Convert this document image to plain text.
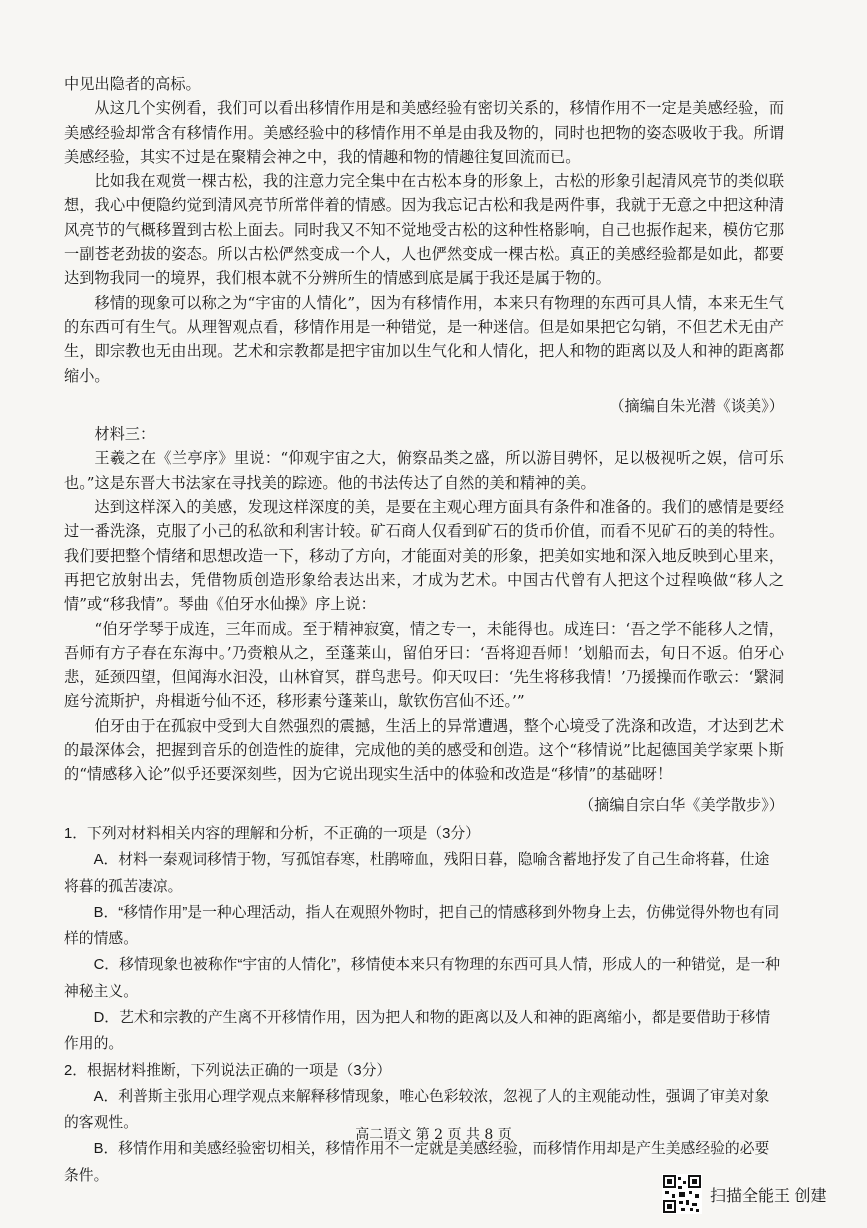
中见出隐者的高标。

从这几个实例看，我们可以看出移情作用是和美感经验有密切关系的，移情作用不一定是美感经验，而美感经验却常含有移情作用。美感经验中的移情作用不单是由我及物的，同时也把物的姿态吸收于我。所谓美感经验，其实不过是在聚精会神之中，我的情趣和物的情趣往复回流而已。

比如我在观赏一棵古松，我的注意力完全集中在古松本身的形象上，古松的形象引起清风亮节的类似联想，我心中便隐约觉到清风亮节所常伴着的情感。因为我忘记古松和我是两件事，我就于无意之中把这种清风亮节的气概移置到古松上面去。同时我又不知不觉地受古松的这种性格影响，自己也振作起来，模仿它那一副苍老劲拔的姿态。所以古松俨然变成一个人，人也俨然变成一棵古松。真正的美感经验都是如此，都要达到物我同一的境界，我们根本就不分辨所生的情感到底是属于我还是属于物的。

移情的现象可以称之为“宇宙的人情化”，因为有移情作用，本来只有物理的东西可具人情，本来无生气的东西可有生气。从理智观点看，移情作用是一种错觉，是一种迷信。但是如果把它勾销，不但艺术无由产生，即宗教也无由出现。艺术和宗教都是把宇宙加以生气化和人情化，把人和物的距离以及人和神的距离都缩小。

（摘编自朱光潜《谈美》）

材料三：

王羲之在《兰亭序》里说：“仰观宇宙之大，俯察品类之盛，所以游目骋怀，足以极视听之娱，信可乐也。”这是东晋大书法家在寻找美的踪迹。他的书法传达了自然的美和精神的美。

达到这样深入的美感，发现这样深度的美，是要在主观心理方面具有条件和准备的。我们的感情是要经过一番洗涤，克服了小己的私欲和利害计较。矿石商人仅看到矿石的货币价值，而看不见矿石的美的特性。我们要把整个情绪和思想改造一下，移动了方向，才能面对美的形象，把美如实地和深入地反映到心里来，再把它放射出去，凭借物质创造形象给表达出来，才成为艺术。中国古代曾有人把这个过程唤做“移人之情”或“移我情”。琴曲《伯牙水仙操》序上说：

“伯牙学琴于成连，三年而成。至于精神寂寞，情之专一，未能得也。成连曰：‘吾之学不能移人之情，吾师有方子春在东海中。’乃赍粮从之，至蓬莱山，留伯牙曰：‘吾将迎吾师！’划船而去，旬日不返。伯牙心悲，延颈四望，但闻海水汩没，山林窅冥，群鸟悲号。仰天叹曰：‘先生将移我情！’乃援操而作歌云：‘繄洞庭兮流斯护，舟楫逝兮仙不还，移形素兮蓬莱山，歍钦伤宫仙不还。’”

伯牙由于在孤寂中受到大自然强烈的震撼，生活上的异常遭遇，整个心境受了洗涤和改造，才达到艺术的最深体会，把握到音乐的创造性的旋律，完成他的美的感受和创造。这个“移情说”比起德国美学家栗卜斯的“情感移入论”似乎还要深刻些，因为它说出现实生活中的体验和改造是“移情”的基础呀！

（摘编自宗白华《美学散步》）

1．下列对材料相关内容的理解和分析，不正确的一项是（3分）

A．材料一秦观词移情于物，写孤馆春寒，杜鹃啼血，残阳日暮，隐喻含蓄地抒发了自己生命将暮，仕途将暮的孤苦凄凉。

B．“移情作用”是一种心理活动，指人在观照外物时，把自己的情感移到外物身上去，仿佛觉得外物也有同样的情感。

C．移情现象也被称作“宇宙的人情化”，移情使本来只有物理的东西可具人情，形成人的一种错觉，是一种神秘主义。

D．艺术和宗教的产生离不开移情作用，因为把人和物的距离以及人和神的距离缩小，都是要借助于移情作用的。

2．根据材料推断，下列说法正确的一项是（3分）

A．利普斯主张用心理学观点来解释移情现象，唯心色彩较浓，忽视了人的主观能动性，强调了审美对象的客观性。

B．移情作用和美感经验密切相关，移情作用不一定就是美感经验，而移情作用却是产生美感经验的必要条件。

高二语文 第 2 页 共 8 页
扫描全能王 创建
